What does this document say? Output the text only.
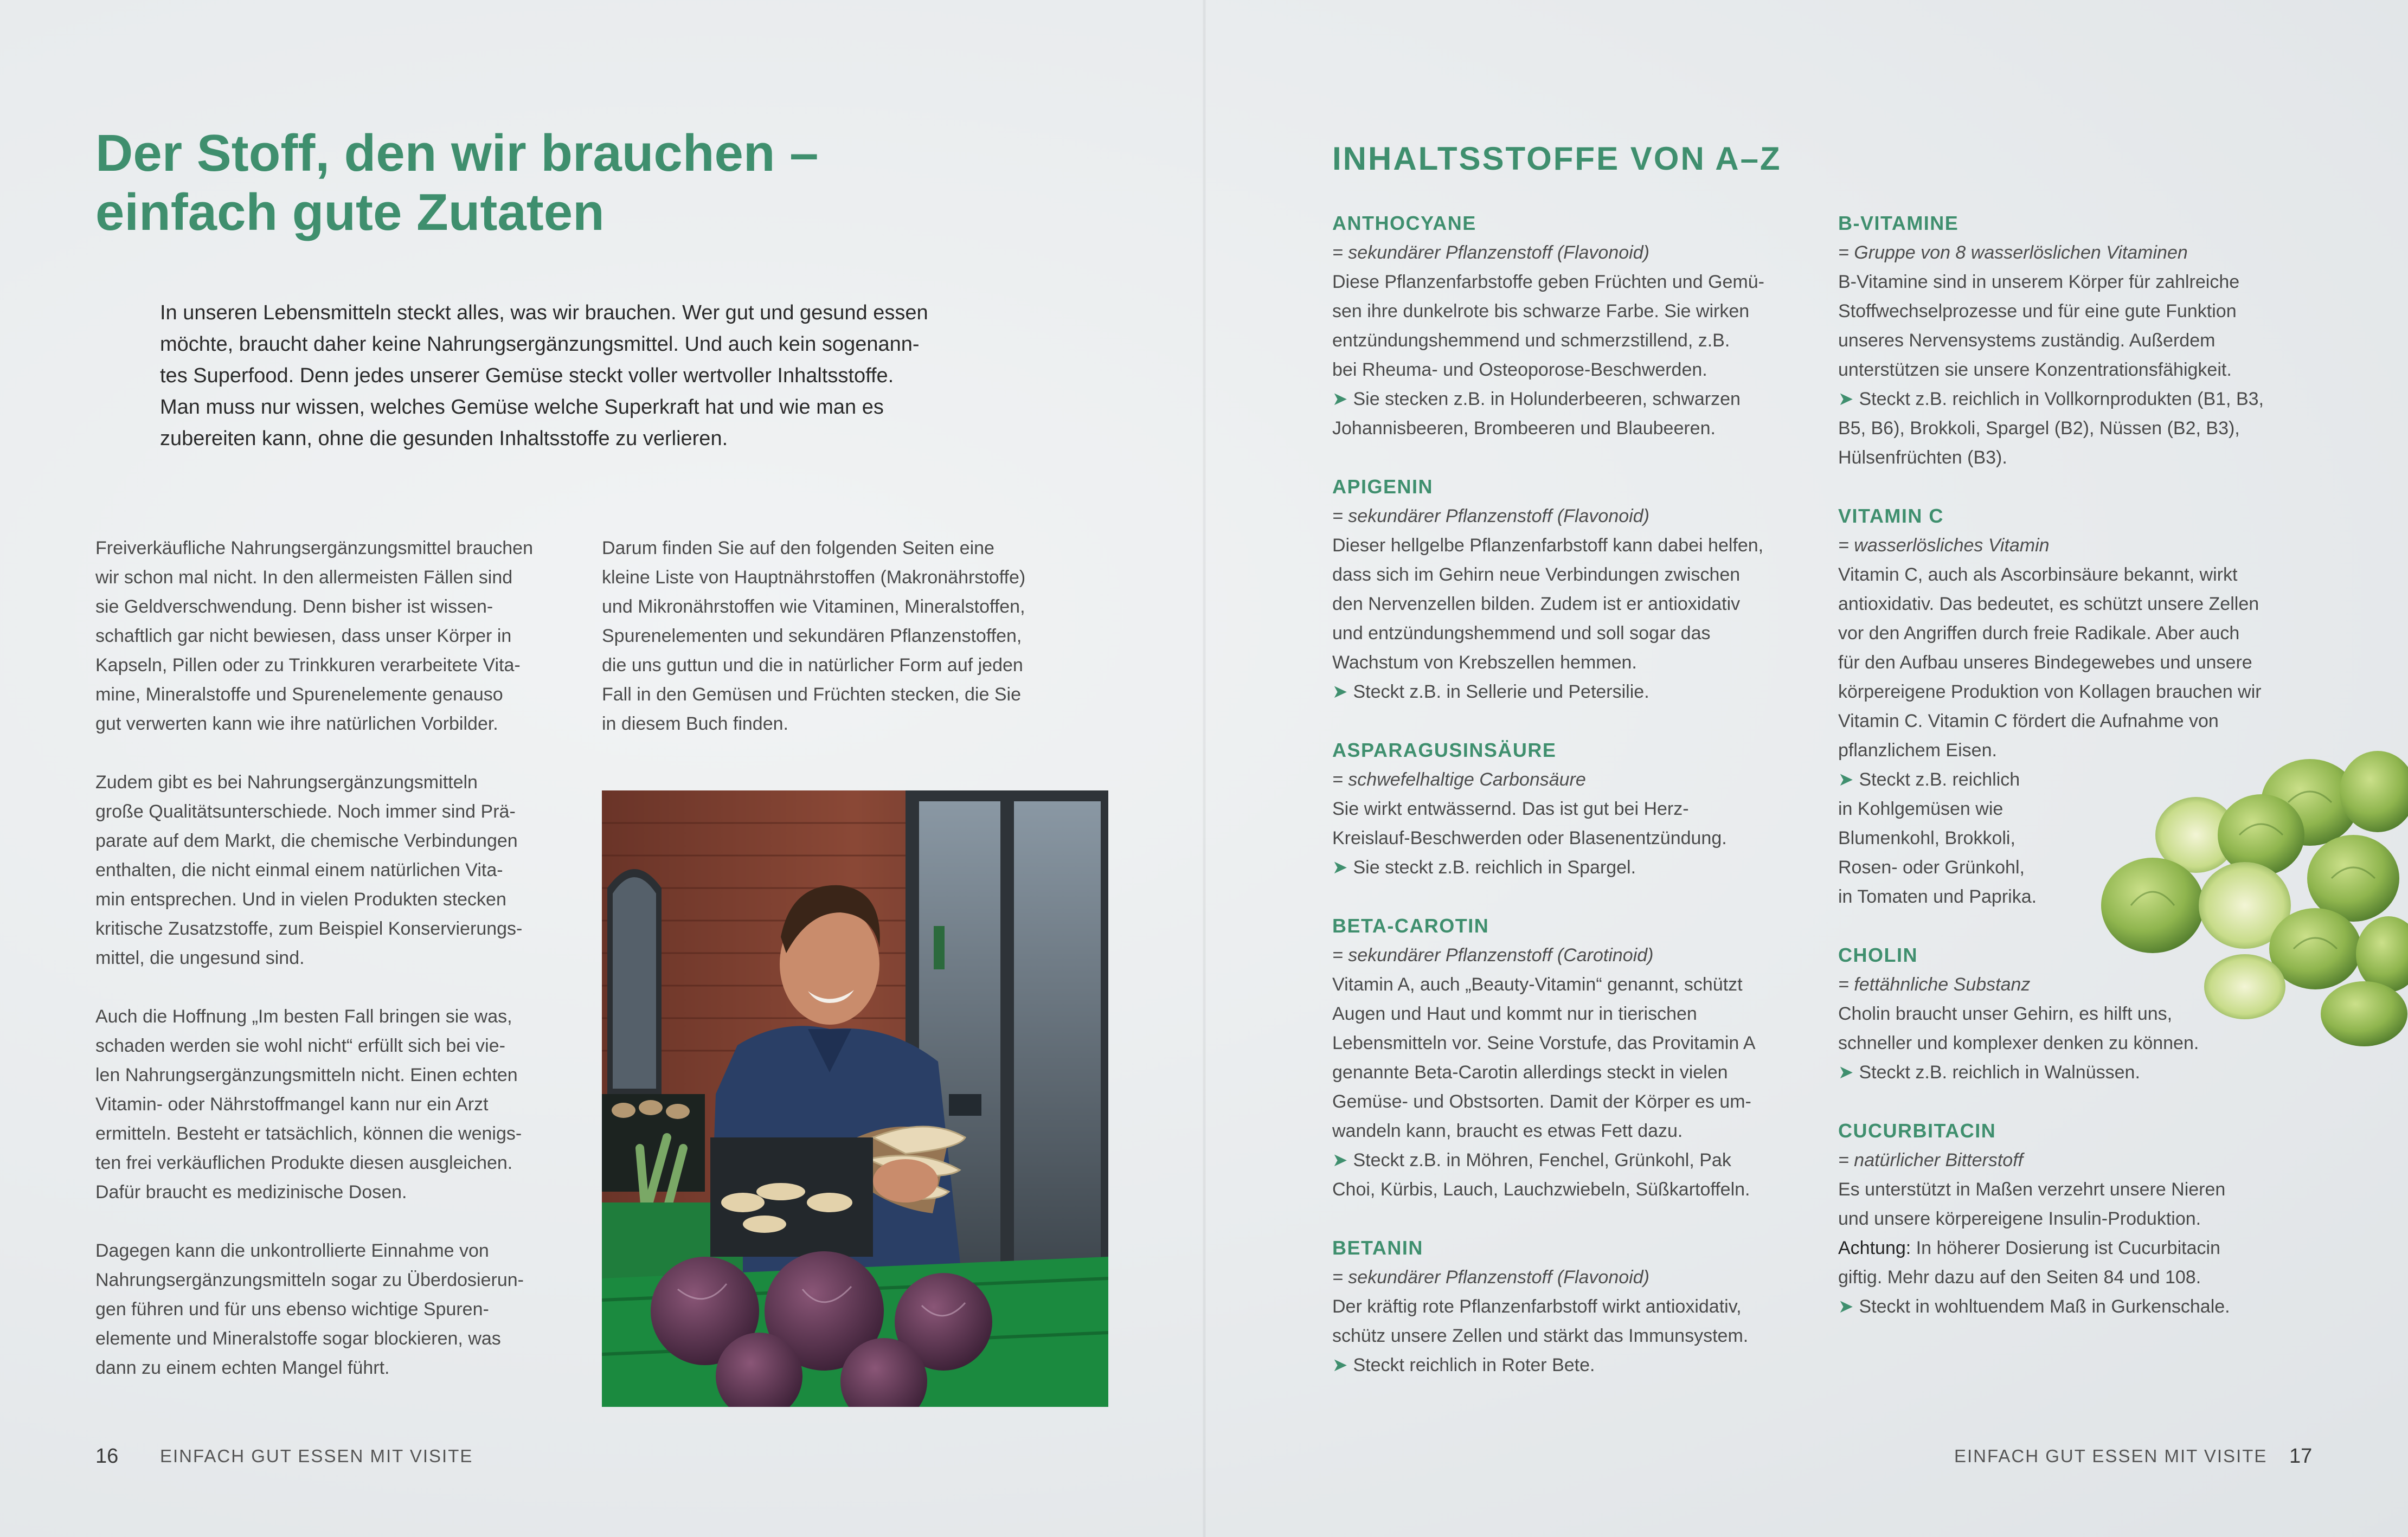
Der Stoff, den wir brauchen –
einfach gute Zutaten
In unseren Lebensmitteln steckt alles, was wir brauchen. Wer gut und gesund essen
möchte, braucht daher keine Nahrungsergänzungsmittel. Und auch kein sogenann-
tes Superfood. Denn jedes unserer Gemüse steckt voller wertvoller Inhaltsstoffe.
Man muss nur wissen, welches Gemüse welche Superkraft hat und wie man es
zubereiten kann, ohne die gesunden Inhaltsstoffe zu verlieren.
Freiverkäufliche Nahrungsergänzungsmittel brauchen
wir schon mal nicht. In den allermeisten Fällen sind
sie Geldverschwendung. Denn bisher ist wissen-
schaftlich gar nicht bewiesen, dass unser Körper in
Kapseln, Pillen oder zu Trinkkuren verarbeitete Vita-
mine, Mineralstoffe und Spurenelemente genauso
gut verwerten kann wie ihre natürlichen Vorbilder.
Zudem gibt es bei Nahrungsergänzungsmitteln
große Qualitätsunterschiede. Noch immer sind Prä-
parate auf dem Markt, die chemische Verbindungen
enthalten, die nicht einmal einem natürlichen Vita-
min entsprechen. Und in vielen Produkten stecken
kritische Zusatzstoffe, zum Beispiel Konservierungs-
mittel, die ungesund sind.
Auch die Hoffnung „Im besten Fall bringen sie was,
schaden werden sie wohl nicht“ erfüllt sich bei vie-
len Nahrungsergänzungsmitteln nicht. Einen echten
Vitamin- oder Nährstoffmangel kann nur ein Arzt
ermitteln. Besteht er tatsächlich, können die wenigs-
ten frei verkäuflichen Produkte diesen ausgleichen.
Dafür braucht es medizinische Dosen.
Dagegen kann die unkontrollierte Einnahme von
Nahrungsergänzungsmitteln sogar zu Überdosierun-
gen führen und für uns ebenso wichtige Spuren-
elemente und Mineralstoffe sogar blockieren, was
dann zu einem echten Mangel führt.
Darum finden Sie auf den folgenden Seiten eine
kleine Liste von Hauptnährstoffen (Makronährstoffe)
und Mikronährstoffen wie Vitaminen, Mineralstoffen,
Spurenelementen und sekundären Pflanzenstoffen,
die uns guttun und die in natürlicher Form auf jeden
Fall in den Gemüsen und Früchten stecken, die Sie
in diesem Buch finden.
16 EINFACH GUT ESSEN MIT VISITE
INHALTSSTOFFE VON A–Z
ANTHOCYANE
= sekundärer Pflanzenstoff (Flavonoid)
Diese Pflanzenfarbstoffe geben Früchten und Gemü-
sen ihre dunkelrote bis schwarze Farbe. Sie wirken
entzündungshemmend und schmerzstillend, z.B.
bei Rheuma- und Osteoporose-Beschwerden.
➤ Sie stecken z.B. in Holunderbeeren, schwarzen
Johannisbeeren, Brombeeren und Blaubeeren.
APIGENIN
= sekundärer Pflanzenstoff (Flavonoid)
Dieser hellgelbe Pflanzenfarbstoff kann dabei helfen,
dass sich im Gehirn neue Verbindungen zwischen
den Nervenzellen bilden. Zudem ist er antioxidativ
und entzündungshemmend und soll sogar das
Wachstum von Krebszellen hemmen.
➤ Steckt z.B. in Sellerie und Petersilie.
ASPARAGUSINSÄURE
= schwefelhaltige Carbonsäure
Sie wirkt entwässernd. Das ist gut bei Herz-
Kreislauf-Beschwerden oder Blasenentzündung.
➤ Sie steckt z.B. reichlich in Spargel.
BETA-CAROTIN
= sekundärer Pflanzenstoff (Carotinoid)
Vitamin A, auch „Beauty-Vitamin“ genannt, schützt
Augen und Haut und kommt nur in tierischen
Lebensmitteln vor. Seine Vorstufe, das Provitamin A
genannte Beta-Carotin allerdings steckt in vielen
Gemüse- und Obstsorten. Damit der Körper es um-
wandeln kann, braucht es etwas Fett dazu.
➤ Steckt z.B. in Möhren, Fenchel, Grünkohl, Pak
Choi, Kürbis, Lauch, Lauchzwiebeln, Süßkartoffeln.
BETANIN
= sekundärer Pflanzenstoff (Flavonoid)
Der kräftig rote Pflanzenfarbstoff wirkt antioxidativ,
schütz unsere Zellen und stärkt das Immunsystem.
➤ Steckt reichlich in Roter Bete.
B-VITAMINE
= Gruppe von 8 wasserlöslichen Vitaminen
B-Vitamine sind in unserem Körper für zahlreiche
Stoffwechselprozesse und für eine gute Funktion
unseres Nervensystems zuständig. Außerdem
unterstützen sie unsere Konzentrationsfähigkeit.
➤ Steckt z.B. reichlich in Vollkornprodukten (B1, B3,
B5, B6), Brokkoli, Spargel (B2), Nüssen (B2, B3),
Hülsenfrüchten (B3).
VITAMIN C
= wasserlösliches Vitamin
Vitamin C, auch als Ascorbinsäure bekannt, wirkt
antioxidativ. Das bedeutet, es schützt unsere Zellen
vor den Angriffen durch freie Radikale. Aber auch
für den Aufbau unseres Bindegewebes und unsere
körpereigene Produktion von Kollagen brauchen wir
Vitamin C. Vitamin C fördert die Aufnahme von
pflanzlichem Eisen.
➤ Steckt z.B. reichlich
in Kohlgemüsen wie
Blumenkohl, Brokkoli,
Rosen- oder Grünkohl,
in Tomaten und Paprika.
CHOLIN
= fettähnliche Substanz
Cholin braucht unser Gehirn, es hilft uns,
schneller und komplexer denken zu können.
➤ Steckt z.B. reichlich in Walnüssen.
CUCURBITACIN
= natürlicher Bitterstoff
Es unterstützt in Maßen verzehrt unsere Nieren
und unsere körpereigene Insulin-Produktion.
Achtung: In höherer Dosierung ist Cucurbitacin
giftig. Mehr dazu auf den Seiten 84 und 108.
➤ Steckt in wohltuendem Maß in Gurkenschale.
EINFACH GUT ESSEN MIT VISITE 17
